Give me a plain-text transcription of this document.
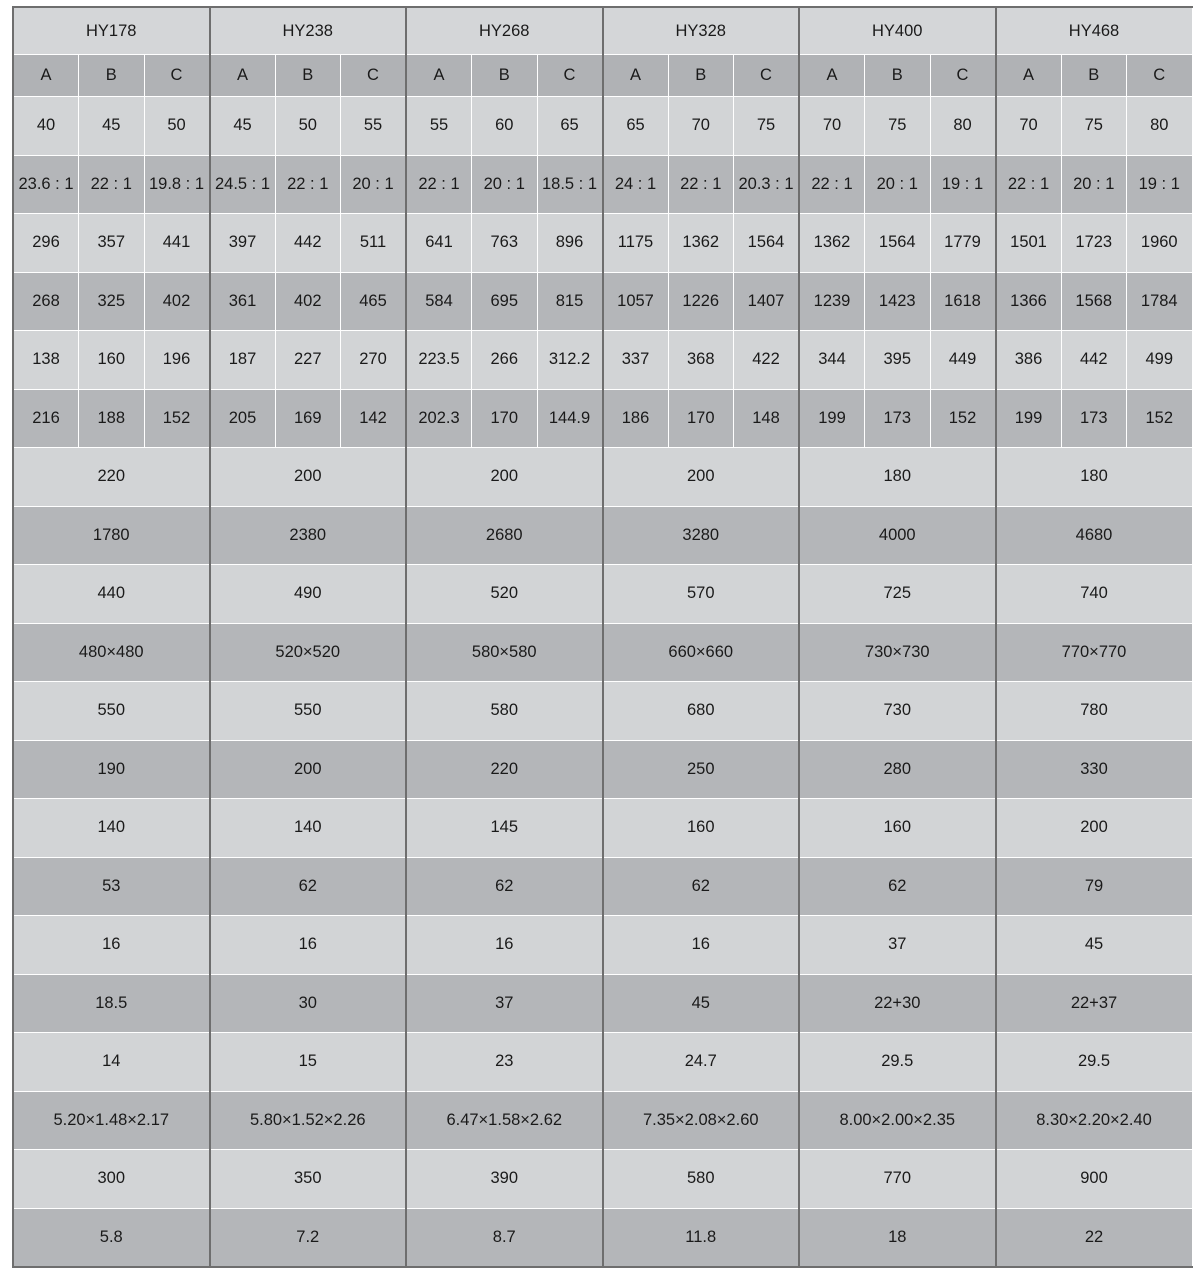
HY178			HY238			HY268			HY328			HY400			HY468		
A	B	C	A	B	C	A	B	C	A	B	C	A	B	C	A	B	C
40	45	50	45	50	55	55	60	65	65	70	75	70	75	80	70	75	80
23.6 : 1	22 : 1	19.8 : 1	24.5 : 1	22 : 1	20 : 1	22 : 1	20 : 1	18.5 : 1	24 : 1	22 : 1	20.3 : 1	22 : 1	20 : 1	19 : 1	22 : 1	20 : 1	19 : 1
296	357	441	397	442	511	641	763	896	1175	1362	1564	1362	1564	1779	1501	1723	1960
268	325	402	361	402	465	584	695	815	1057	1226	1407	1239	1423	1618	1366	1568	1784
138	160	196	187	227	270	223.5	266	312.2	337	368	422	344	395	449	386	442	499
216	188	152	205	169	142	202.3	170	144.9	186	170	148	199	173	152	199	173	152
220			200			200			200			180			180		
1780			2380			2680			3280			4000			4680		
440			490			520			570			725			740		
480×480			520×520			580×580			660×660			730×730			770×770		
550			550			580			680			730			780		
190			200			220			250			280			330		
140			140			145			160			160			200		
53			62			62			62			62			79		
16			16			16			16			37			45		
18.5			30			37			45			22+30			22+37		
14			15			23			24.7			29.5			29.5		
5.20×1.48×2.17			5.80×1.52×2.26			6.47×1.58×2.62			7.35×2.08×2.60			8.00×2.00×2.35			8.30×2.20×2.40		
300			350			390			580			770			900		
5.8			7.2			8.7			11.8			18			22		
